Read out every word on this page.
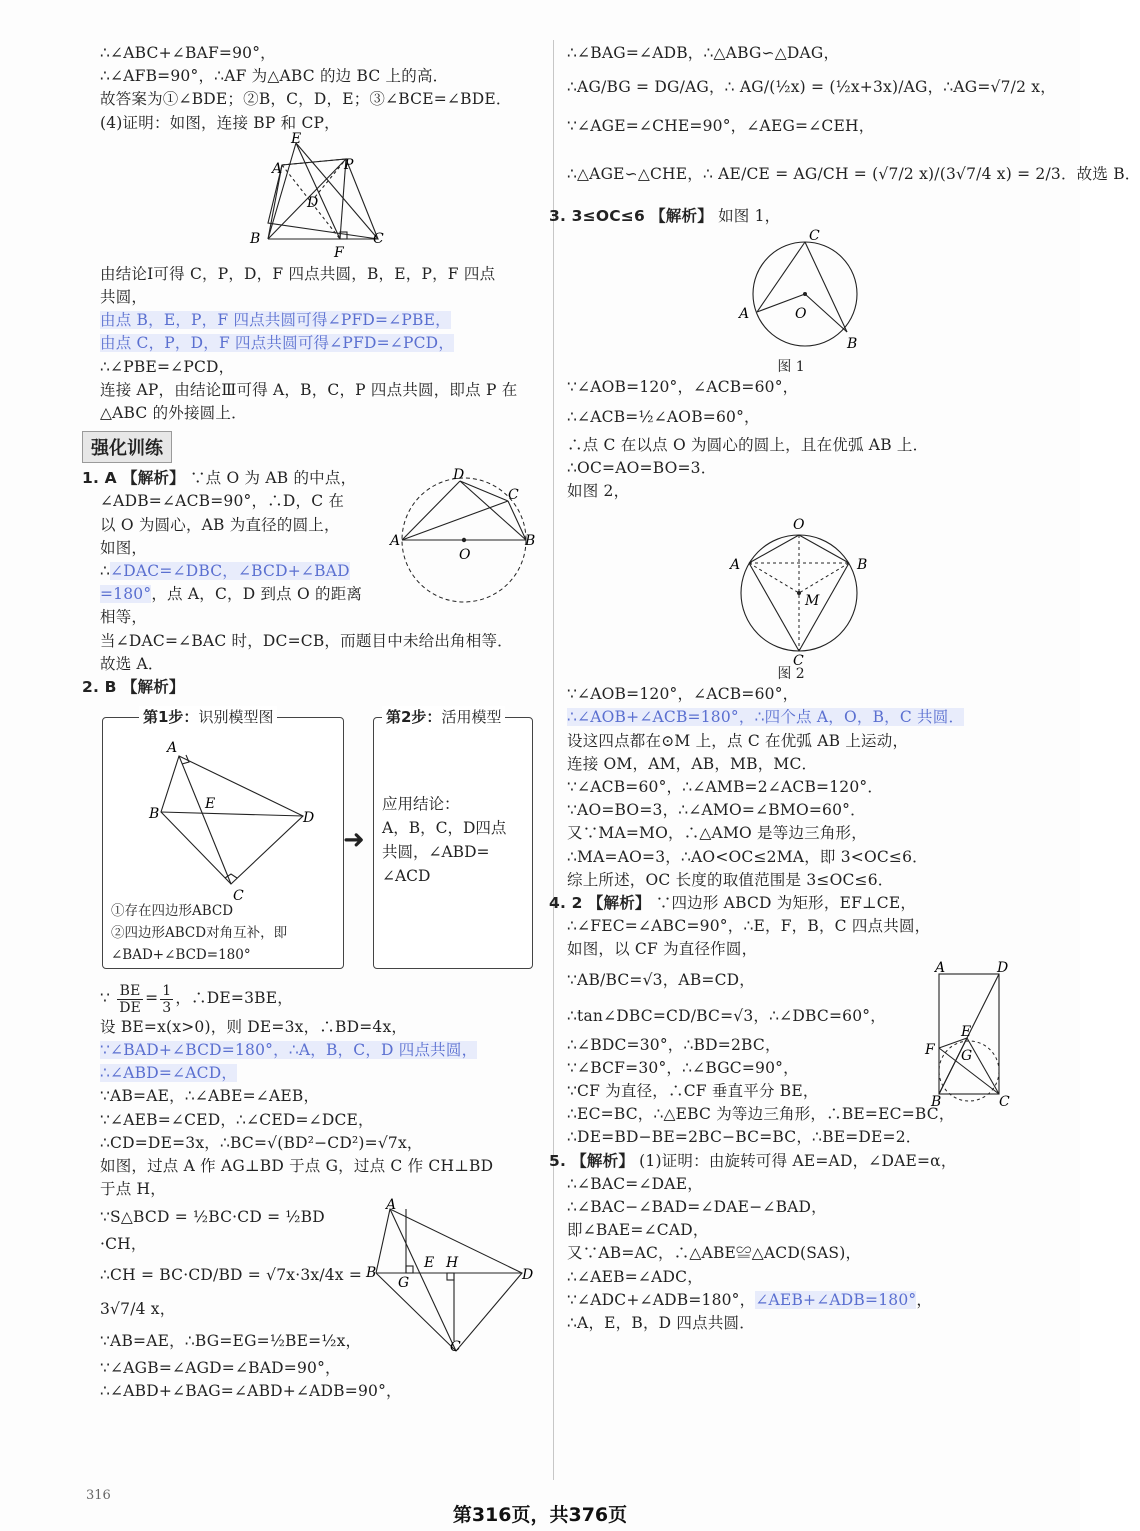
∴∠ABC+∠BAF=90°，
∴∠AFB=90°，∴AF 为△ABC 的边 BC 上的高．
故答案为①∠BDE；②B，C，D，E；③∠BCE=∠BDE．
(4)证明：如图，连接 BP 和 CP，
E
A	P
D
B	C
F
由结论Ⅰ可得 C，P，D，F 四点共圆，B，E，P，F 四点
共圆，
由点 B，E，P，F 四点共圆可得∠PFD=∠PBE，
由点 C，P，D，F 四点共圆可得∠PFD=∠PCD，
∴∠PBE=∠PCD，
连接 AP，由结论Ⅲ可得 A，B，C，P 四点共圆，即点 P 在
△ABC 的外接圆上．
强化训练
D
C
A	B
O
1. A 【解析】 ∵点 O 为 AB 的中点，
∠ADB=∠ACB=90°，∴D，C 在
以 O 为圆心，AB 为直径的圆上，
如图，
∴∠DAC=∠DBC，∠BCD+∠BAD
=180°，点 A，C，D 到点 O 的距离
相等，
当∠DAC=∠BAC 时，DC=CB，而题目中未给出角相等．
故选 A．
2. B 【解析】
第1步：识别模型图
A
B
E
D
C
①存在四边形ABCD
②四边形ABCD对角互补，即
∠BAD+∠BCD=180°
➜
第2步：活用模型
应用结论：
A，B，C，D四点
共圆，∠ABD=
∠ACD
∵ $\frac{BE}{DE} = \frac{1}{3}$ ，∴DE=3BE，
设 BE=x(x>0)，则 DE=3x，∴BD=4x，
∵∠BAD+∠BCD=180°，∴A，B，C，D 四点共圆，
∴∠ABD=∠ACD，
∵AB=AE，∴∠ABE=∠AEB，
∵∠AEB=∠CED，∴∠CED=∠DCE，
∴CD=DE=3x，∴BC=√(BD²−CD²)=√7x，
如图，过点 A 作 AG⊥BD 于点 G，过点 C 作 CH⊥BD
于点 H，
A
B
G
E H
D
C
∵S△BCD = ½BC·CD = ½BD
·CH，
∴CH = BC·CD/BD = √7x·3x/4x =
3√7/4 x，
∵AB=AE，∴BG=EG=½BE=½x，
∵∠AGB=∠AGD=∠BAD=90°，
∴∠ABD+∠BAG=∠ABD+∠ADB=90°，
∴∠BAG=∠ADB，∴△ABG∽△DAG，
∴AG/BG = DG/AG，∴ AG/(½x) = (½x+3x)/AG，∴AG=√7/2 x，
∵∠AGE=∠CHE=90°，∠AEG=∠CEH，
∴△AGE∽△CHE，∴ AE/CE = AG/CH = (√7/2 x)/(3√7/4 x) = 2/3．故选 B．
3. 3≤OC≤6 【解析】 如图 1，
C
A	O
B
图 1
∵∠AOB=120°，∠ACB=60°，
∴∠ACB=½∠AOB=60°，
∴点 C 在以点 O 为圆心的圆上，且在优弧 AB 上．
∴OC=AO=BO=3．
如图 2，
O
A	B
M
C
图 2
∵∠AOB=120°，∠ACB=60°，
∴∠AOB+∠ACB=180°，∴四个点 A，O，B，C 共圆．
设这四点都在⊙M 上，点 C 在优弧 AB 上运动，
连接 OM，AM，AB，MB，MC．
∵∠ACB=60°，∴∠AMB=2∠ACB=120°．
∵AO=BO=3，∴∠AMO=∠BMO=60°．
又∵MA=MO，∴△AMO 是等边三角形，
∴MA=AO=3，∴AO<OC≤2MA，即 3<OC≤6．
综上所述，OC 长度的取值范围是 3≤OC≤6．
4. 2 【解析】 ∵四边形 ABCD 为矩形，EF⊥CE，
∴∠FEC=∠ABC=90°，∴E，F，B，C 四点共圆，
如图，以 CF 为直径作圆，
A	D
E
F G
B	C
∵AB/BC=√3，AB=CD，
∴tan∠DBC=CD/BC=√3，∴∠DBC=60°，
∴∠BDC=30°，∴BD=2BC，
∵∠BCF=30°，∴∠BGC=90°，
∵CF 为直径，∴CF 垂直平分 BE，
∴EC=BC，∴△EBC 为等边三角形，∴BE=EC=BC，
∴DE=BD−BE=2BC−BC=BC，∴BE=DE=2．
5. 【解析】 (1)证明：由旋转可得 AE=AD，∠DAE=α，
∴∠BAC=∠DAE，
∴∠BAC−∠BAD=∠DAE−∠BAD，
即∠BAE=∠CAD，
又∵AB=AC，∴△ABE≌△ACD(SAS)，
∴∠AEB=∠ADC，
∵∠ADC+∠ADB=180°，∠AEB+∠ADB=180°，
∴A，E，B，D 四点共圆．
316
第316页，共376页
